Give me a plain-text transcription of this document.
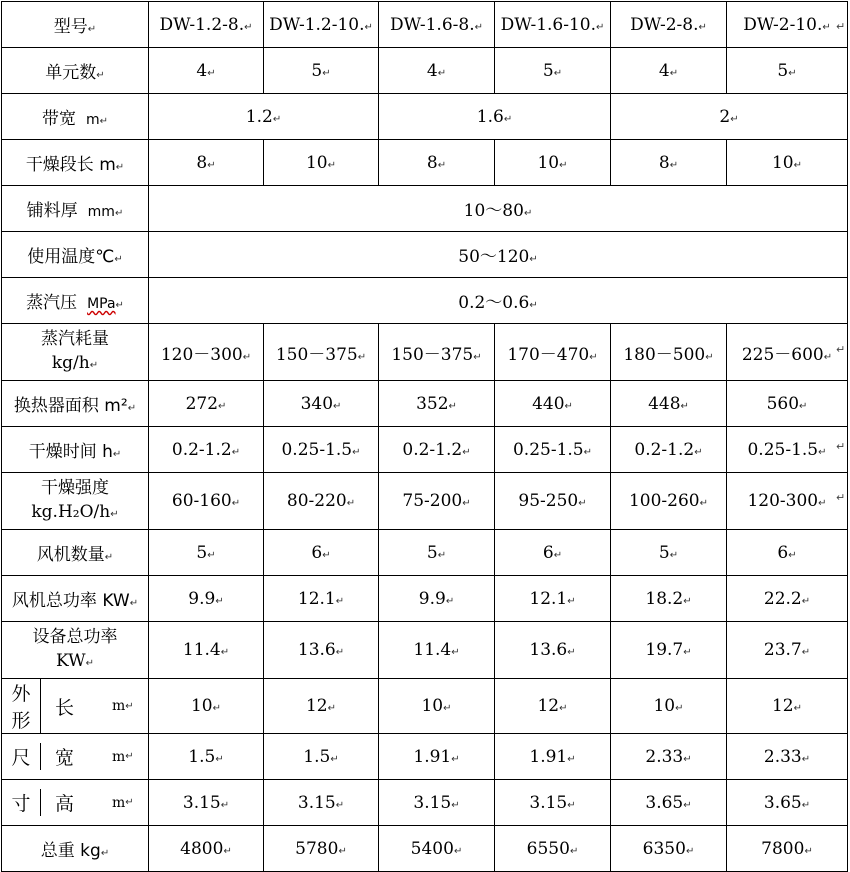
型号↵	DW-1.2-8.↵	DW-1.2-10.↵	DW-1.6-8.↵	DW-1.6-10.↵	DW-2-8.↵	DW-2-10.↵
单元数↵	4↵	5↵	4↵	5↵	4↵	5↵
带宽 m↵	1.2↵		1.6↵		2↵	
干燥段长 m↵	8↵	10↵	8↵	10↵	8↵	10↵
铺料厚 mm↵	10～80↵					
使用温度℃↵	50～120↵					
蒸汽压 MPa↵	0.2～0.6↵					

蒸汽耗量
kg/h↵	120－300↵	150－375↵	150－375↵	170－470↵	180－500↵	225－600↵
换热器面积 m²↵	272↵	340↵	352↵	440↵	448↵	560↵
干燥时间 h↵	0.2-1.2↵	0.25-1.5↵	0.2-1.2↵	0.25-1.5↵	0.2-1.2↵	0.25-1.5↵

干燥强度
kg.H₂O/h↵	60-160↵	80-220↵	75-200↵	95-250↵	100-260↵	120-300↵
风机数量↵	5↵	6↵	5↵	6↵	5↵	6↵
风机总功率 KW↵	9.9↵	12.1↵	9.9↵	12.1↵	18.2↵	22.2↵

设备总功率
KW↵	11.4↵	13.6↵	11.4↵	13.6↵	19.7↵	23.7↵

外
形
长 m ↵	10↵	12↵	10↵	12↵	10↵	12↵

尺 宽 m ↵	1.5↵	1.5↵	1.91↵	1.91↵	2.33↵	2.33↵

寸 高 m ↵	3.15↵	3.15↵	3.15↵	3.15↵	3.65↵	3.65↵
总重 kg↵	4800↵	5780↵	5400↵	6550↵	6350↵	7800↵
↵
↵
↵
↵
